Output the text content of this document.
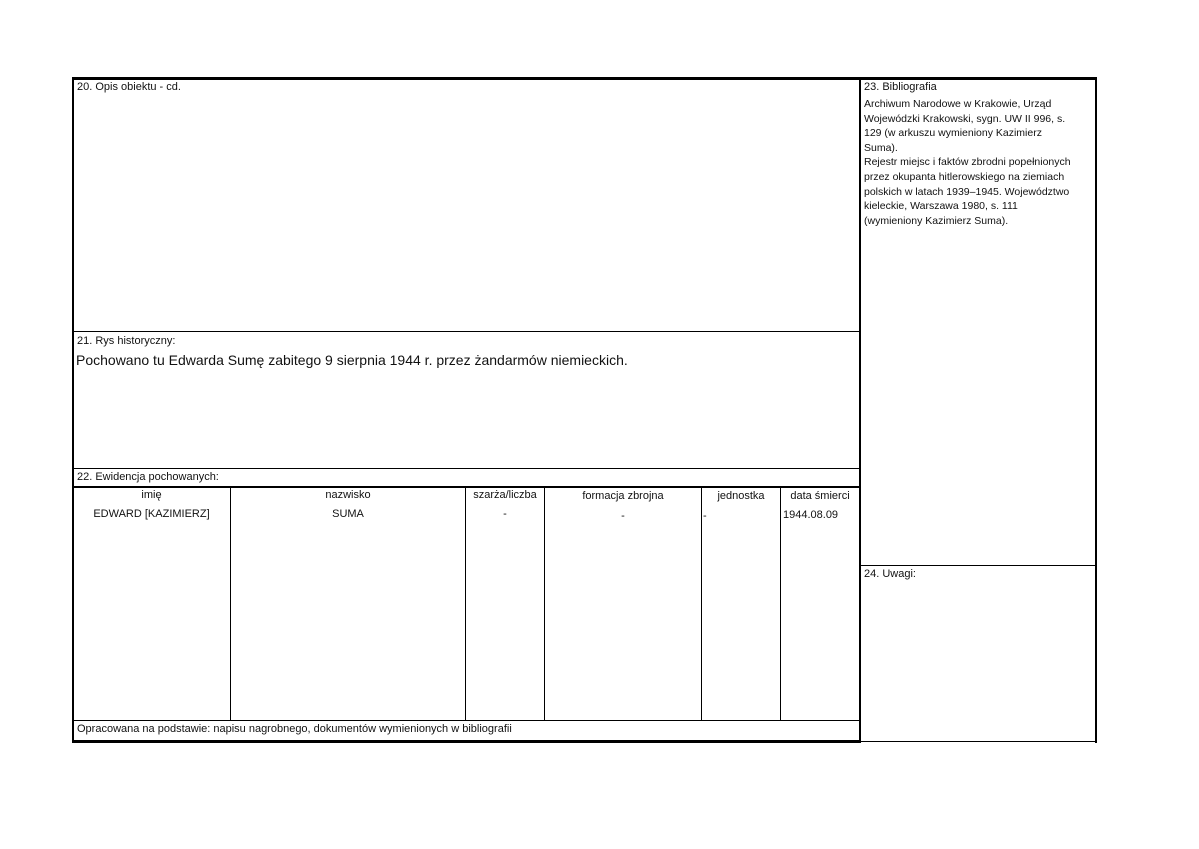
20. Opis obiektu - cd.
21. Rys historyczny:
Pochowano tu Edwarda Sumę zabitego 9 sierpnia 1944 r. przez żandarmów niemieckich.
22. Ewidencja pochowanych:
imię	nazwisko	szarża/liczba	formacja zbrojna	jednostka	data śmierci
EDWARD [KAZIMIERZ]	SUMA	-	-	-	1944.08.09
Opracowana na podstawie: napisu nagrobnego, dokumentów wymienionych w bibliografii
23. Bibliografia
Archiwum Narodowe w Krakowie, Urząd
Wojewódzki Krakowski, sygn. UW II 996, s.
129 (w arkuszu wymieniony Kazimierz
Suma).
Rejestr miejsc i faktów zbrodni popełnionych
przez okupanta hitlerowskiego na ziemiach
polskich w latach 1939–1945. Województwo
kieleckie, Warszawa 1980, s. 111
(wymieniony Kazimierz Suma).
24. Uwagi:
